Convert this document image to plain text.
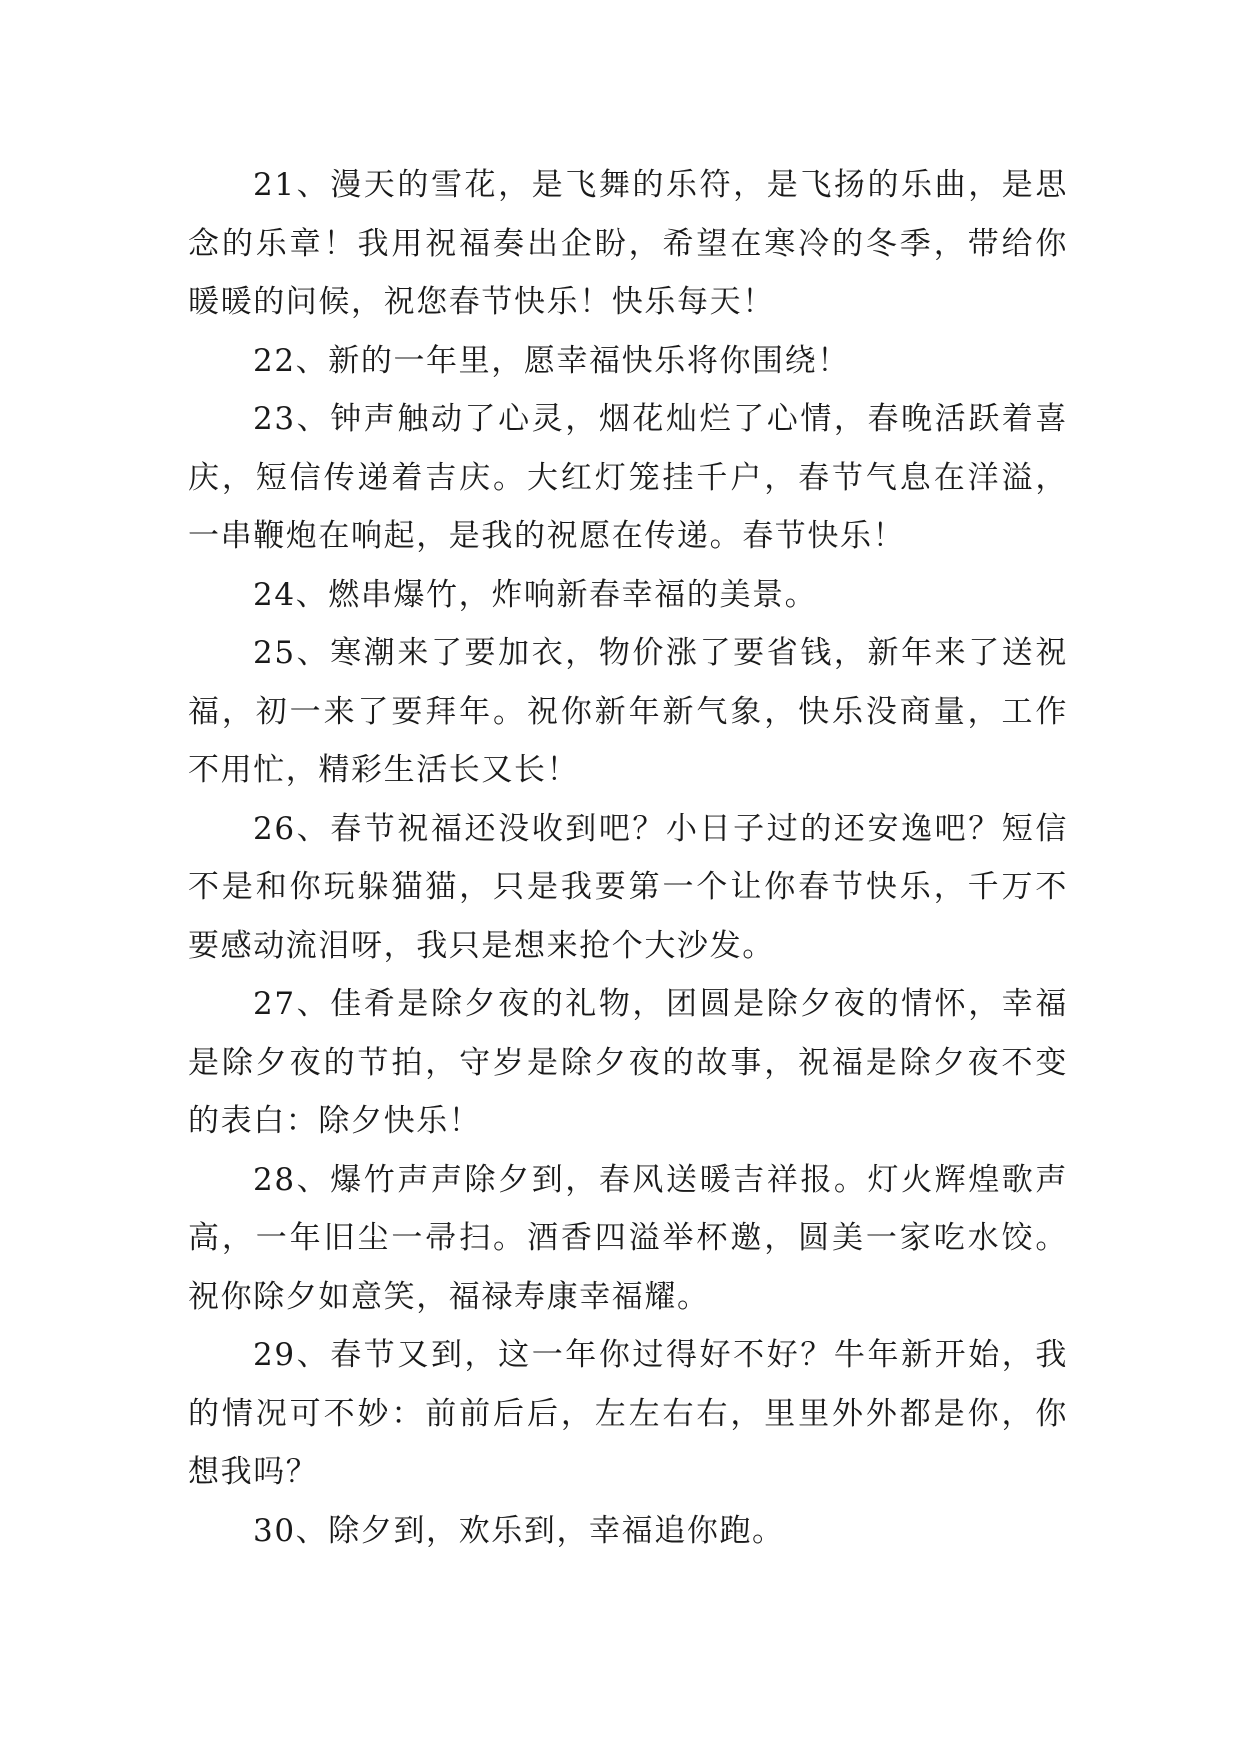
21、漫天的雪花，是飞舞的乐符，是飞扬的乐曲，是思念的乐章！我用祝福奏出企盼，希望在寒冷的冬季，带给你暖暖的问候，祝您春节快乐！快乐每天！

22、新的一年里，愿幸福快乐将你围绕！

23、钟声触动了心灵，烟花灿烂了心情，春晚活跃着喜庆，短信传递着吉庆。大红灯笼挂千户，春节气息在洋溢，一串鞭炮在响起，是我的祝愿在传递。春节快乐！

24、燃串爆竹，炸响新春幸福的美景。

25、寒潮来了要加衣，物价涨了要省钱，新年来了送祝福，初一来了要拜年。祝你新年新气象，快乐没商量，工作不用忙，精彩生活长又长！

26、春节祝福还没收到吧？小日子过的还安逸吧？短信不是和你玩躲猫猫，只是我要第一个让你春节快乐，千万不要感动流泪呀，我只是想来抢个大沙发。

27、佳肴是除夕夜的礼物，团圆是除夕夜的情怀，幸福是除夕夜的节拍，守岁是除夕夜的故事，祝福是除夕夜不变的表白：除夕快乐！

28、爆竹声声除夕到，春风送暖吉祥报。灯火辉煌歌声高，一年旧尘一帚扫。酒香四溢举杯邀，圆美一家吃水饺。祝你除夕如意笑，福禄寿康幸福耀。

29、春节又到，这一年你过得好不好？牛年新开始，我的情况可不妙：前前后后，左左右右，里里外外都是你，你想我吗？

30、除夕到，欢乐到，幸福追你跑。
